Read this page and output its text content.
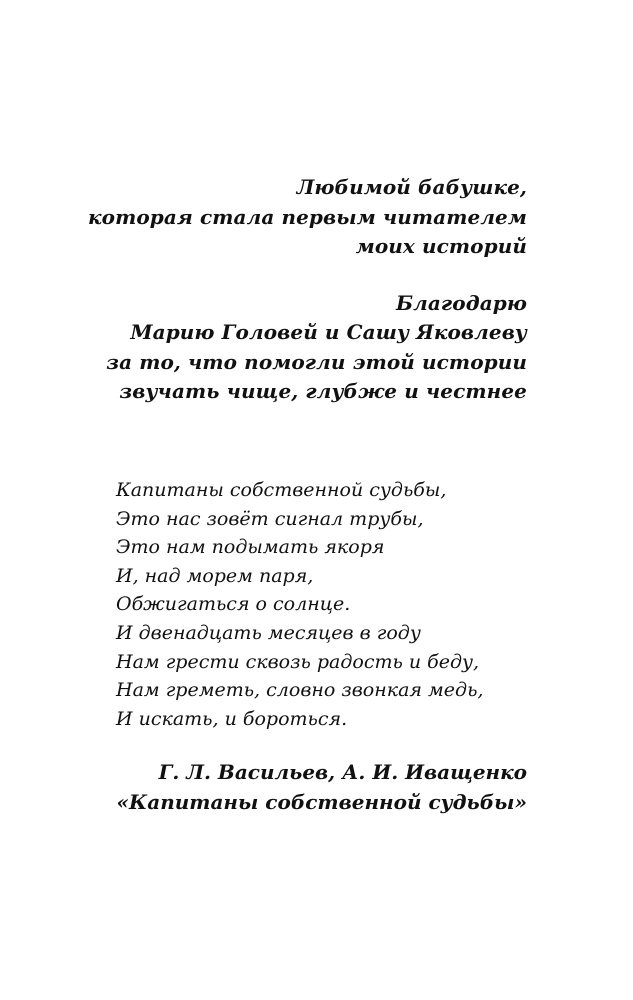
Любимой бабушке,
которая стала первым читателем
моих историй
Благодарю
Марию Головей и Сашу Яковлеву
за то, что помогли этой истории
звучать чище, глубже и честнее
Капитаны собственной судьбы,
Это нас зовёт сигнал трубы,
Это нам подымать якоря
И, над морем паря,
Обжигаться о солнце.
И двенадцать месяцев в году
Нам грести сквозь радость и беду,
Нам греметь, словно звонкая медь,
И искать, и бороться.
Г. Л. Васильев, А. И. Иващенко
«Капитаны собственной судьбы»
